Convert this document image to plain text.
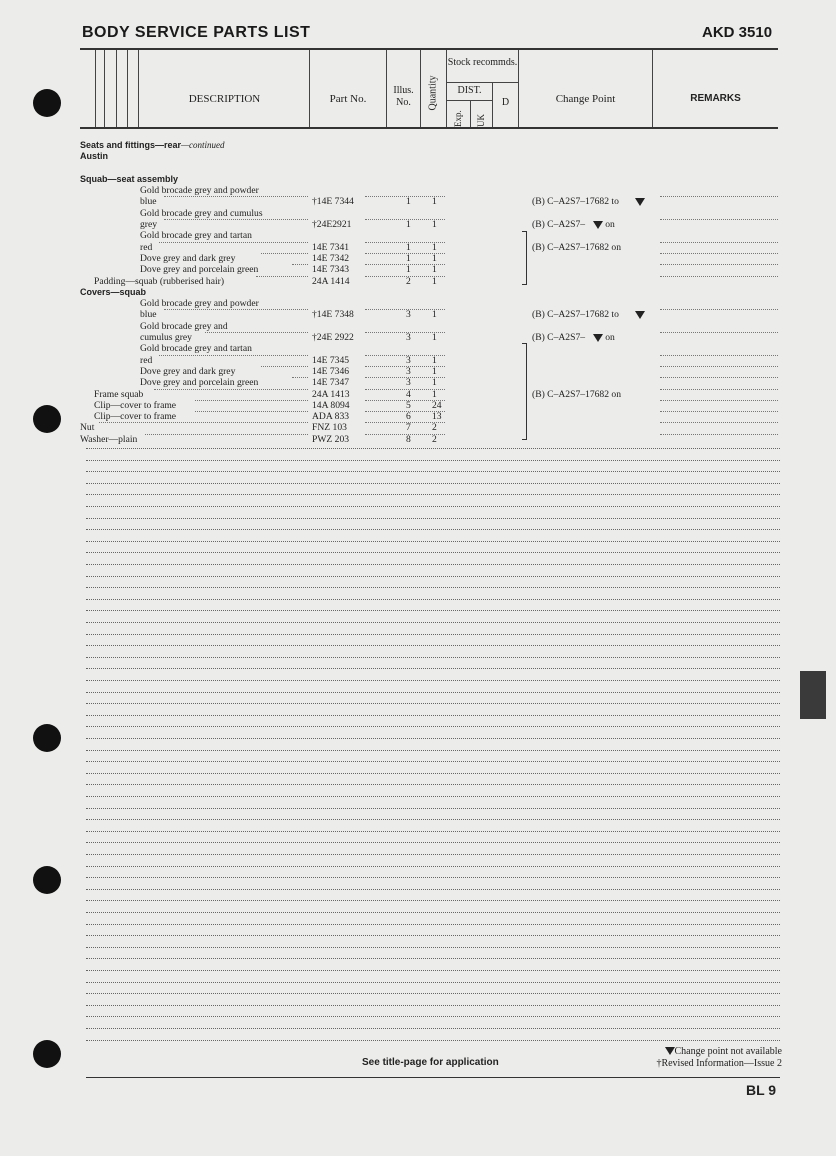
BODY SERVICE PARTS LIST	AKD 3510
DESCRIPTION	Part No.
Illus. No.	Quantity
Stock recommds.
DIST.
Exp. UK
D	Change Point	REMARKS
Seats and fittings—rear—continued
Austin
Squab—seat assembly
Gold brocade grey and powder
blue	†14E 7344	1 1	(B) C–A2S7–17682 to
Gold brocade grey and cumulus
grey	†24E2921	1 1	(B) C–A2S7– on
Gold brocade grey and tartan
red	14E 7341	1 1	(B) C–A2S7–17682 on
Dove grey and dark grey	14E 7342	1 1
Dove grey and porcelain green	14E 7343	1 1
Padding—squab (rubberised hair)	24A 1414	2 1
Covers—squab
Gold brocade grey and powder
blue	†14E 7348	3 1	(B) C–A2S7–17682 to
Gold brocade grey and
cumulus grey	†24E 2922	3 1	(B) C–A2S7– on
Gold brocade grey and tartan
red	14E 7345	3 1
Dove grey and dark grey	14E 7346	3 1
Dove grey and porcelain green	14E 7347	3 1
Frame squab	24A 1413	4 1	(B) C–A2S7–17682 on
Clip—cover to frame	14A 8094	5 24
Clip—cover to frame	ADA 833	6 13
Nut	FNZ 103	7 2
Washer—plain	PWZ 203	8 2
See title-page for application
Change point not available
†Revised Information—Issue 2
BL 9
